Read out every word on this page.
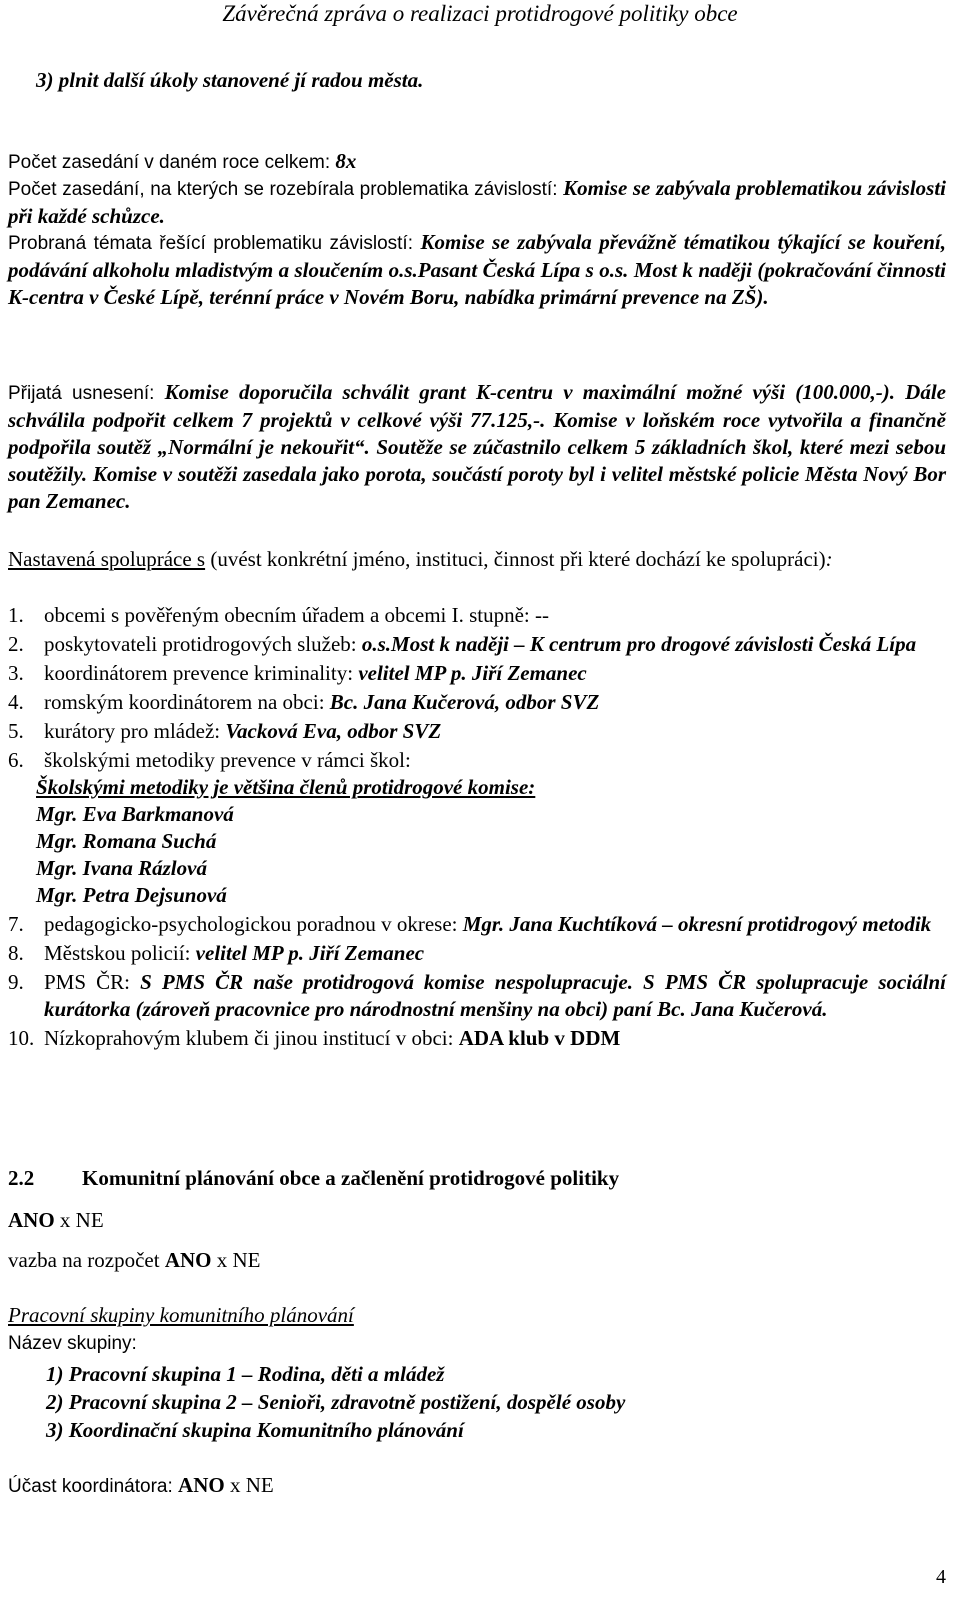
Závěrečná zpráva o realizaci protidrogové politiky obce
3) plnit další úkoly stanovené jí radou města.
Počet zasedání v daném roce celkem: 8x
Počet zasedání, na kterých se rozebírala problematika závislostí: Komise se zabývala problematikou závislosti při každé schůzce.
Probraná témata řešící problematiku závislostí: Komise se zabývala převážně tématikou týkající se kouření, podávání alkoholu mladistvým a sloučením o.s.Pasant Česká Lípa s o.s. Most k naději (pokračování činnosti K-centra v České Lípě, terénní práce v Novém Boru, nabídka primární prevence na ZŠ).
Přijatá usnesení: Komise doporučila schválit grant K-centru v maximální možné výši (100.000,-). Dále schválila podpořit celkem 7 projektů v celkové výši 77.125,-. Komise v loňském roce vytvořila a finančně podpořila soutěž „Normální je nekouřit“. Soutěže se zúčastnilo celkem 5 základních škol, které mezi sebou soutěžily. Komise v soutěži zasedala jako porota, součástí poroty byl i velitel městské policie Města Nový Bor pan Zemanec.
Nastavená spolupráce s (uvést konkrétní jméno, instituci, činnost při které dochází ke spolupráci):
1. obcemi s pověřeným obecním úřadem a obcemi I. stupně: --
2. poskytovateli protidrogových služeb: o.s.Most k naději – K centrum pro drogové závislosti Česká Lípa
3. koordinátorem prevence kriminality: velitel MP p. Jiří Zemanec
4. romským koordinátorem na obci: Bc. Jana Kučerová, odbor SVZ
5. kurátory pro mládež: Vacková Eva, odbor SVZ
6. školskými metodiky prevence v rámci škol:
Školskými metodiky je většina členů protidrogové komise:
Mgr. Eva Barkmanová
Mgr. Romana Suchá
Mgr. Ivana Rázlová
Mgr. Petra Dejsunová
7. pedagogicko-psychologickou poradnou v okrese: Mgr. Jana Kuchtíková – okresní protidrogový metodik
8. Městskou policií: velitel MP p. Jiří Zemanec
9. PMS ČR: S PMS ČR naše protidrogová komise nespolupracuje. S PMS ČR spolupracuje sociální kurátorka (zároveň pracovnice pro národnostní menšiny na obci) paní Bc. Jana Kučerová.
10. Nízkoprahovým klubem či jinou institucí v obci: ADA klub v DDM
2.2 Komunitní plánování obce a začlenění protidrogové politiky
ANO x NE
vazba na rozpočet ANO x NE
Pracovní skupiny komunitního plánování
Název skupiny:
1) Pracovní skupina 1 – Rodina, děti a mládež
2) Pracovní skupina 2 – Senioři, zdravotně postižení, dospělé osoby
3) Koordinační skupina Komunitního plánování
Účast koordinátora: ANO x NE
4
